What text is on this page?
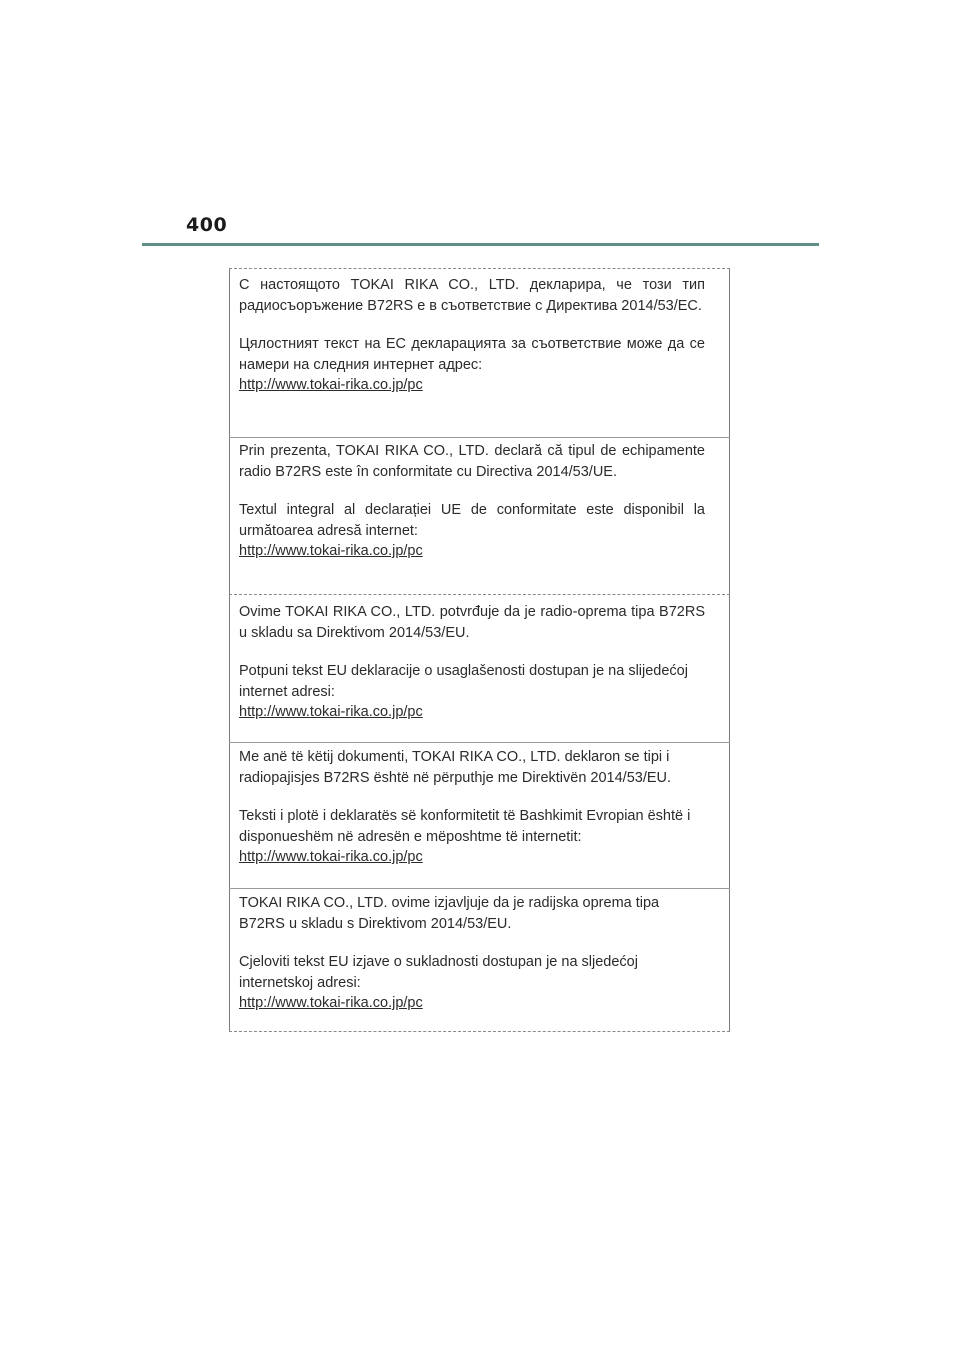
400

С настоящото TOKAI RIKA CO., LTD. декларира, че този тип радиосъоръжение B72RS е в съответствие с Директива 2014/53/EC.

Цялостният текст на ЕС декларацията за съответствие може да се намери на следния интернет адрес:

http://www.tokai-rika.co.jp/pc

Prin prezenta, TOKAI RIKA CO., LTD. declară că tipul de echipamente radio B72RS este în conformitate cu Directiva 2014/53/UE.

Textul integral al declarației UE de conformitate este disponibil la următoarea adresă internet:

http://www.tokai-rika.co.jp/pc

Ovime TOKAI RIKA CO., LTD. potvrđuje da je radio-oprema tipa B72RS u skladu sa Direktivom 2014/53/EU.

Potpuni tekst EU deklaracije o usaglašenosti dostupan je na slijedećoj internet adresi:

http://www.tokai-rika.co.jp/pc

Me anë të këtij dokumenti, TOKAI RIKA CO., LTD. deklaron se tipi i radiopajisjes B72RS është në përputhje me Direktivën 2014/53/EU.

Teksti i plotë i deklaratës së konformitetit të Bashkimit Evropian është i disponueshëm në adresën e mëposhtme të internetit:

http://www.tokai-rika.co.jp/pc

TOKAI RIKA CO., LTD. ovime izjavljuje da je radijska oprema tipa B72RS u skladu s Direktivom 2014/53/EU.

Cjeloviti tekst EU izjave o sukladnosti dostupan je na sljedećoj internetskoj adresi:

http://www.tokai-rika.co.jp/pc
